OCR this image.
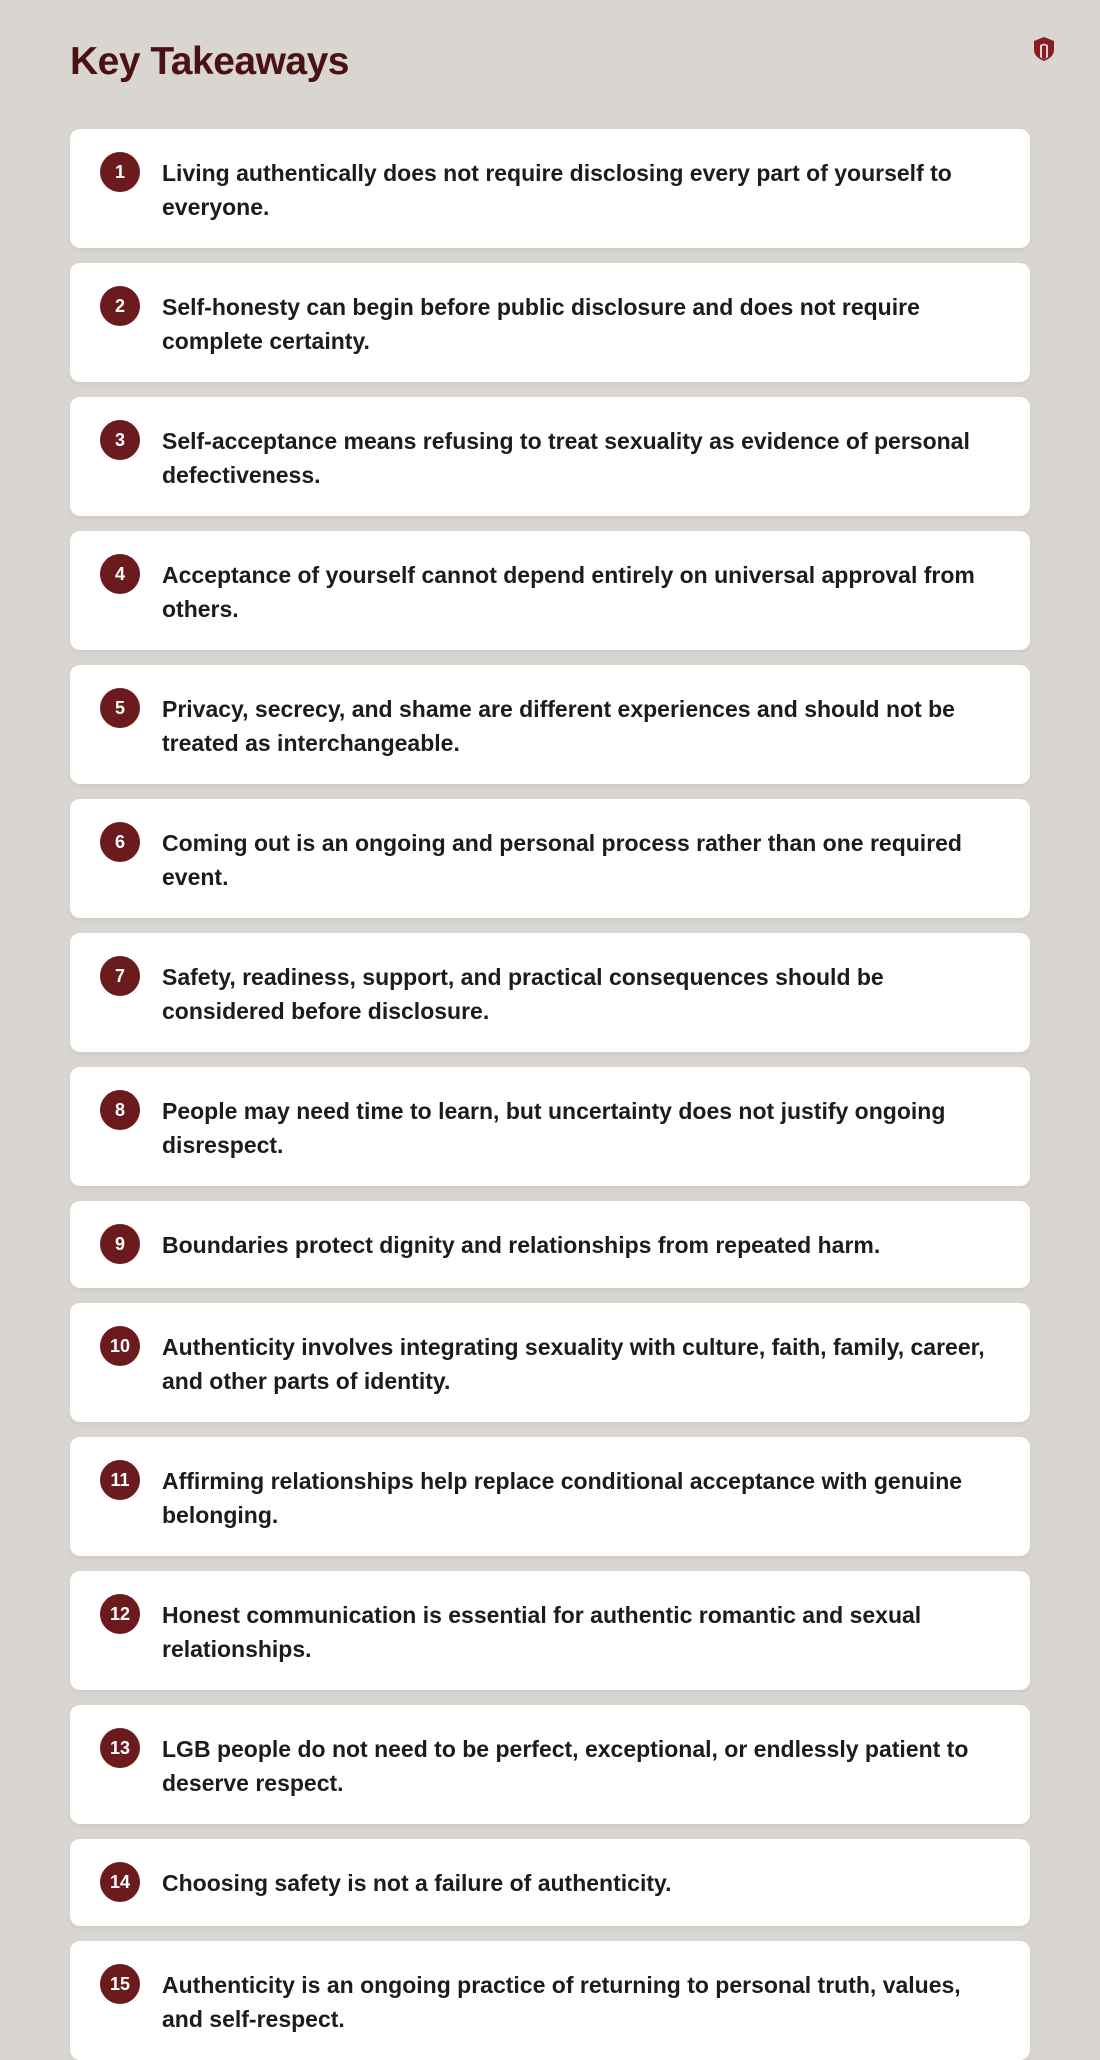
Key Takeaways
1	Living authentically does not require disclosing every part of yourself to everyone.
2	Self-honesty can begin before public disclosure and does not require complete certainty.
3	Self-acceptance means refusing to treat sexuality as evidence of personal defectiveness.
4	Acceptance of yourself cannot depend entirely on universal approval from others.
5	Privacy, secrecy, and shame are different experiences and should not be treated as interchangeable.
6	Coming out is an ongoing and personal process rather than one required event.
7	Safety, readiness, support, and practical consequences should be considered before disclosure.
8	People may need time to learn, but uncertainty does not justify ongoing disrespect.
9	Boundaries protect dignity and relationships from repeated harm.
10	Authenticity involves integrating sexuality with culture, faith, family, career, and other parts of identity.
11	Affirming relationships help replace conditional acceptance with genuine belonging.
12	Honest communication is essential for authentic romantic and sexual relationships.
13	LGB people do not need to be perfect, exceptional, or endlessly patient to deserve respect.
14	Choosing safety is not a failure of authenticity.
15	Authenticity is an ongoing practice of returning to personal truth, values, and self-respect.
